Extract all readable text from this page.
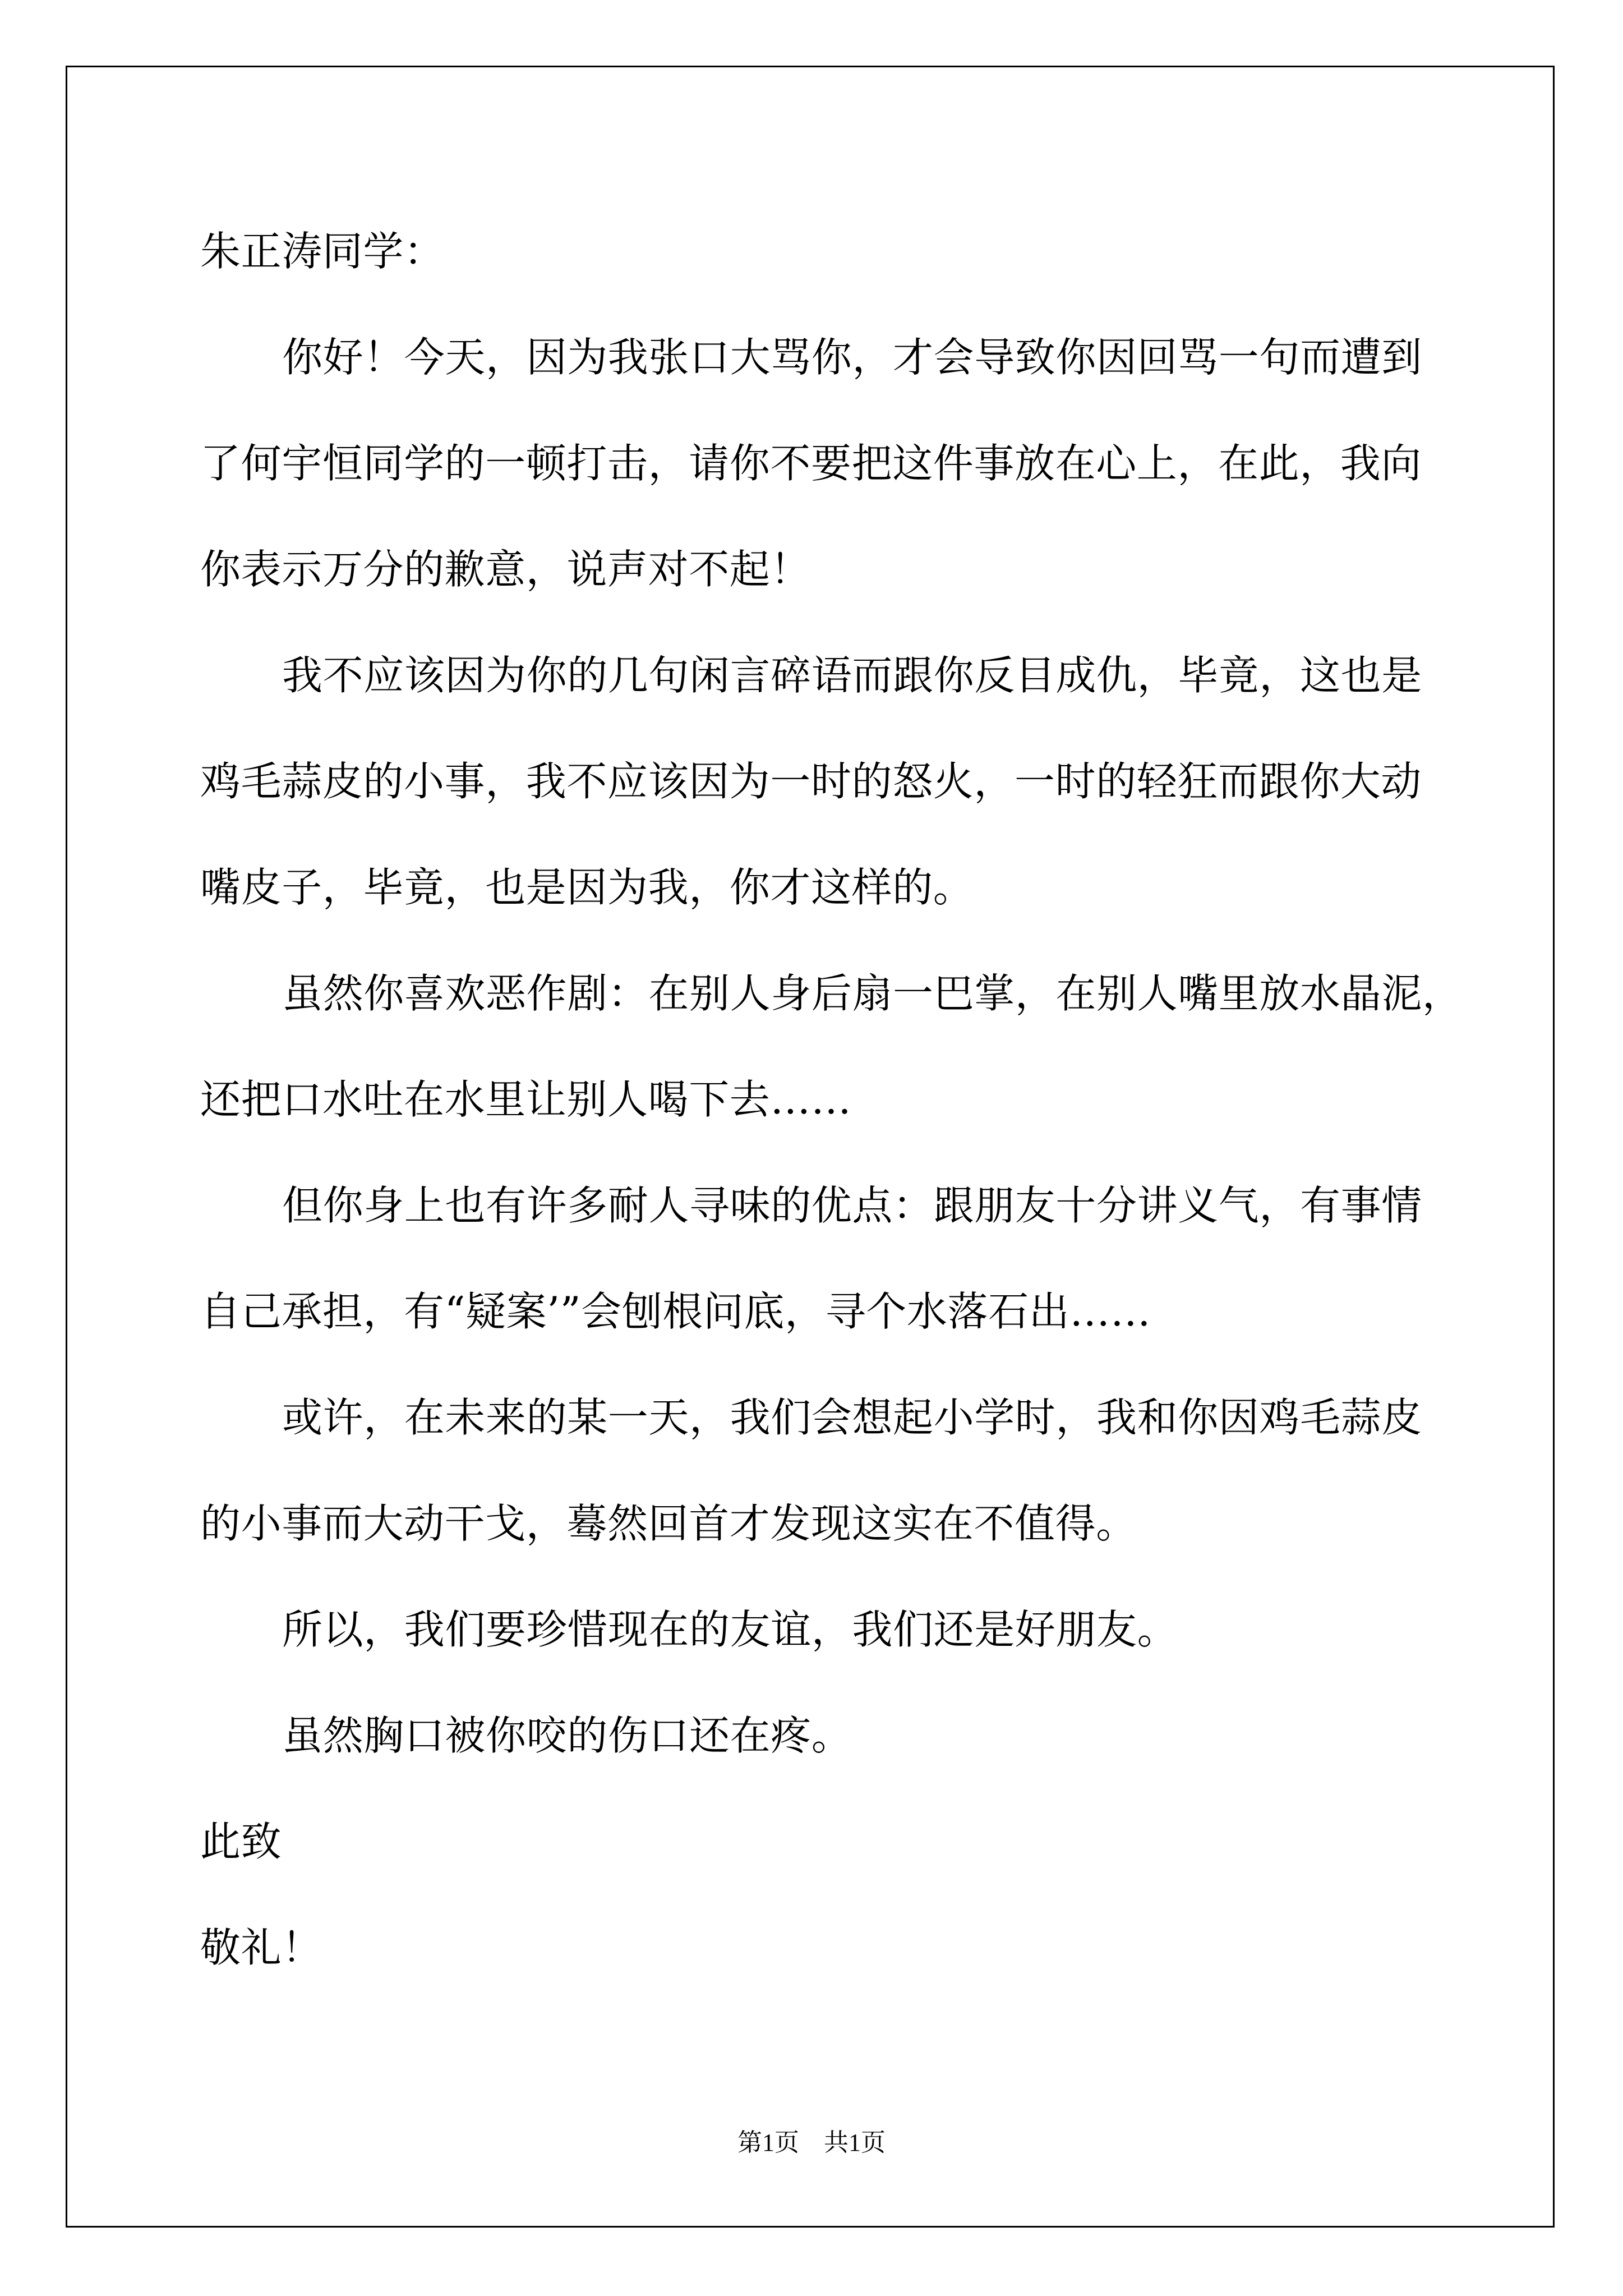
朱正涛同学：
你好！今天，因为我张口大骂你，才会导致你因回骂一句而遭到
了何宇恒同学的一顿打击，请你不要把这件事放在心上，在此，我向
你表示万分的歉意，说声对不起！
我不应该因为你的几句闲言碎语而跟你反目成仇，毕竟，这也是
鸡毛蒜皮的小事，我不应该因为一时的怒火，一时的轻狂而跟你大动
嘴皮子，毕竟，也是因为我，你才这样的。
虽然你喜欢恶作剧：在别人身后扇一巴掌，在别人嘴里放水晶泥，
还把口水吐在水里让别人喝下去……
但你身上也有许多耐人寻味的优点：跟朋友十分讲义气，有事情
自己承担，有“疑案’”会刨根问底，寻个水落石出……
或许，在未来的某一天，我们会想起小学时，我和你因鸡毛蒜皮
的小事而大动干戈，蓦然回首才发现这实在不值得。
所以，我们要珍惜现在的友谊，我们还是好朋友。
虽然胸口被你咬的伤口还在疼。
此致
敬礼！
第1页　共1页
